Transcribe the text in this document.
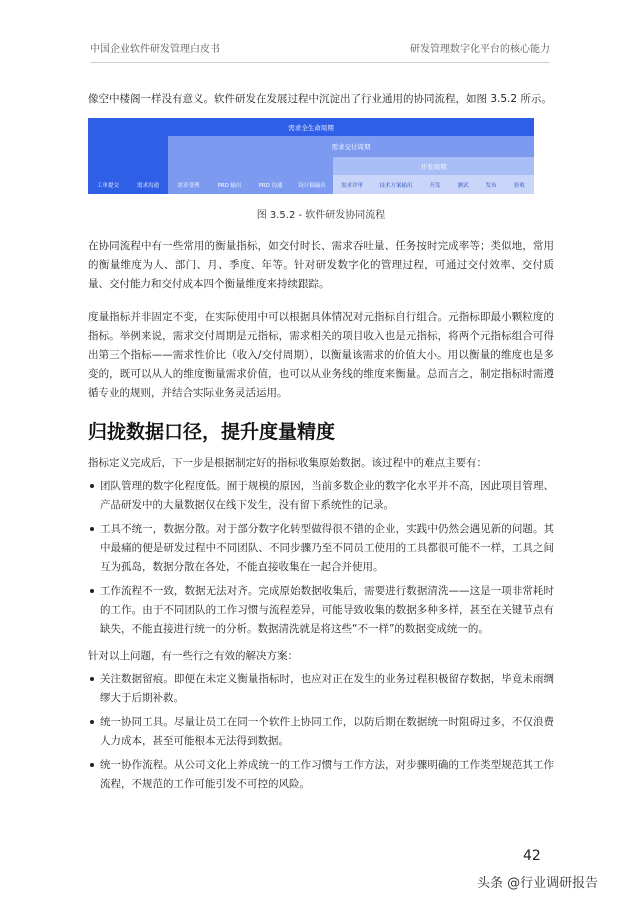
中国企业软件研发管理白皮书	研发管理数字化平台的核心能力

像空中楼阁一样没有意义。软件研发在发展过程中沉淀出了行业通用的协同流程，如图 3.5.2 所示。

需求全生命周期
需求交付周期
开发周期
工单提交	需求沟通	需求受理	PRD 输出	PRD 沟通	设计稿输出	需求评审	技术方案输出	开发	测试	发布	验收
图 3.5.2 - 软件研发协同流程

在协同流程中有一些常用的衡量指标，如交付时长、需求吞吐量、任务按时完成率等；类似地，常用的衡量维度为人、部门、月、季度、年等。针对研发数字化的管理过程，可通过交付效率、交付质量、交付能力和交付成本四个衡量维度来持续跟踪。

度量指标并非固定不变，在实际使用中可以根据具体情况对元指标自行组合。元指标即最小颗粒度的指标。举例来说，需求交付周期是元指标，需求相关的项目收入也是元指标，将两个元指标组合可得出第三个指标——需求性价比（收入/交付周期），以衡量该需求的价值大小。用以衡量的维度也是多变的，既可以从人的维度衡量需求价值，也可以从业务线的维度来衡量。总而言之，制定指标时需遵循专业的规则，并结合实际业务灵活运用。

归拢数据口径，提升度量精度

指标定义完成后，下一步是根据制定好的指标收集原始数据。该过程中的难点主要有：

团队管理的数字化程度低。囿于规模的原因，当前多数企业的数字化水平并不高，因此项目管理、产品研发中的大量数据仅在线下发生，没有留下系统性的记录。
工具不统一，数据分散。对于部分数字化转型做得很不错的企业，实践中仍然会遇见新的问题。其中最痛的便是研发过程中不同团队、不同步骤乃至不同员工使用的工具都很可能不一样，工具之间互为孤岛，数据分散在各处，不能直接收集在一起合并使用。
工作流程不一致，数据无法对齐。完成原始数据收集后，需要进行数据清洗——这是一项非常耗时的工作。由于不同团队的工作习惯与流程差异，可能导致收集的数据多种多样，甚至在关键节点有缺失，不能直接进行统一的分析。数据清洗就是将这些“不一样”的数据变成统一的。

针对以上问题，有一些行之有效的解决方案：

关注数据留痕。即便在未定义衡量指标时，也应对正在发生的业务过程积极留存数据，毕竟未雨绸缪大于后期补救。
统一协同工具。尽量让员工在同一个软件上协同工作，以防后期在数据统一时阻碍过多，不仅浪费人力成本，甚至可能根本无法得到数据。
统一协作流程。从公司文化上养成统一的工作习惯与工作方法，对步骤明确的工作类型规范其工作流程，不规范的工作可能引发不可控的风险。
42
头条 @行业调研报告
